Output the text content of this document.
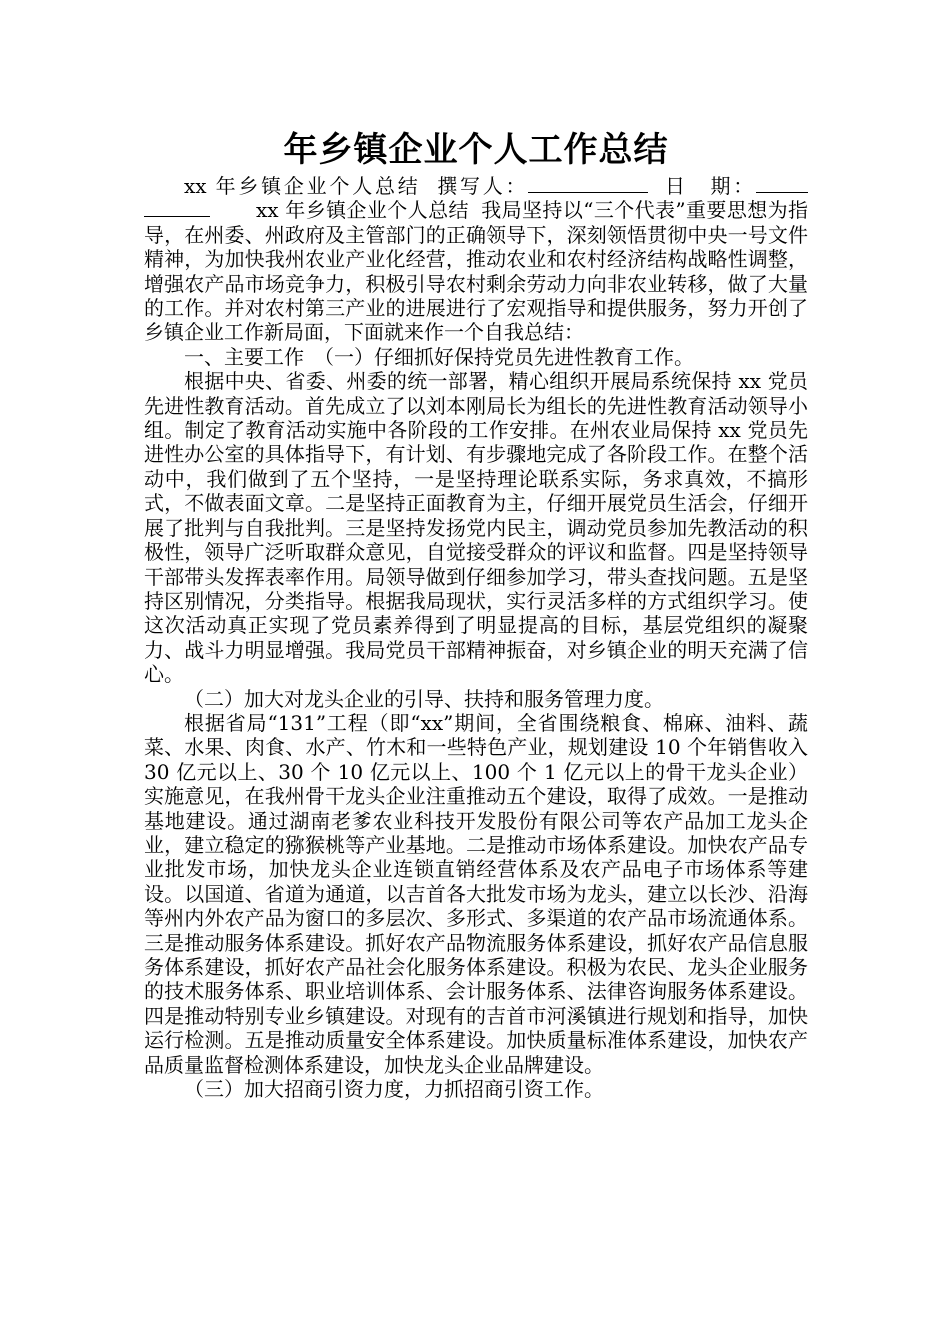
年乡镇企业个人工作总结

xx 年乡镇企业个人总结 撰写人：	日　期：xx 年乡镇企业个人总结 我局坚持以“三个代表”重要思想为指导，在州委、州政府及主管部门的正确领导下，深刻领悟贯彻中央一号文件精神，为加快我州农业产业化经营，推动农业和农村经济结构战略性调整，增强农产品市场竞争力，积极引导农村剩余劳动力向非农业转移，做了大量的工作。并对农村第三产业的进展进行了宏观指导和提供服务，努力开创了乡镇企业工作新局面，下面就来作一个自我总结：

一、主要工作　（一）仔细抓好保持党员先进性教育工作。

根据中央、省委、州委的统一部署，精心组织开展局系统保持 xx 党员先进性教育活动。首先成立了以刘本刚局长为组长的先进性教育活动领导小组。制定了教育活动实施中各阶段的工作安排。在州农业局保持 xx 党员先进性办公室的具体指导下，有计划、有步骤地完成了各阶段工作。在整个活动中，我们做到了五个坚持，一是坚持理论联系实际，务求真效，不搞形式，不做表面文章。二是坚持正面教育为主，仔细开展党员生活会，仔细开展了批判与自我批判。三是坚持发扬党内民主，调动党员参加先教活动的积极性，领导广泛听取群众意见，自觉接受群众的评议和监督。四是坚持领导干部带头发挥表率作用。局领导做到仔细参加学习，带头查找问题。五是坚持区别情况，分类指导。根据我局现状，实行灵活多样的方式组织学习。使这次活动真正实现了党员素养得到了明显提高的目标，基层党组织的凝聚力、战斗力明显增强。我局党员干部精神振奋，对乡镇企业的明天充满了信心。

（二）加大对龙头企业的引导、扶持和服务管理力度。

根据省局“131”工程（即“xx”期间，全省围绕粮食、棉麻、油料、蔬菜、水果、肉食、水产、竹木和一些特色产业，规划建设 10 个年销售收入 30 亿元以上、30 个 10 亿元以上、100 个 1 亿元以上的骨干龙头企业）实施意见，在我州骨干龙头企业注重推动五个建设，取得了成效。一是推动基地建设。通过湖南老爹农业科技开发股份有限公司等农产品加工龙头企业，建立稳定的猕猴桃等产业基地。二是推动市场体系建设。加快农产品专业批发市场，加快龙头企业连锁直销经营体系及农产品电子市场体系等建设。以国道、省道为通道，以吉首各大批发市场为龙头，建立以长沙、沿海等州内外农产品为窗口的多层次、多形式、多渠道的农产品市场流通体系。三是推动服务体系建设。抓好农产品物流服务体系建设，抓好农产品信息服务体系建设，抓好农产品社会化服务体系建设。积极为农民、龙头企业服务的技术服务体系、职业培训体系、会计服务体系、法律咨询服务体系建设。四是推动特别专业乡镇建设。对现有的吉首市河溪镇进行规划和指导，加快运行检测。五是推动质量安全体系建设。加快质量标准体系建设，加快农产品质量监督检测体系建设，加快龙头企业品牌建设。

（三）加大招商引资力度，力抓招商引资工作。
